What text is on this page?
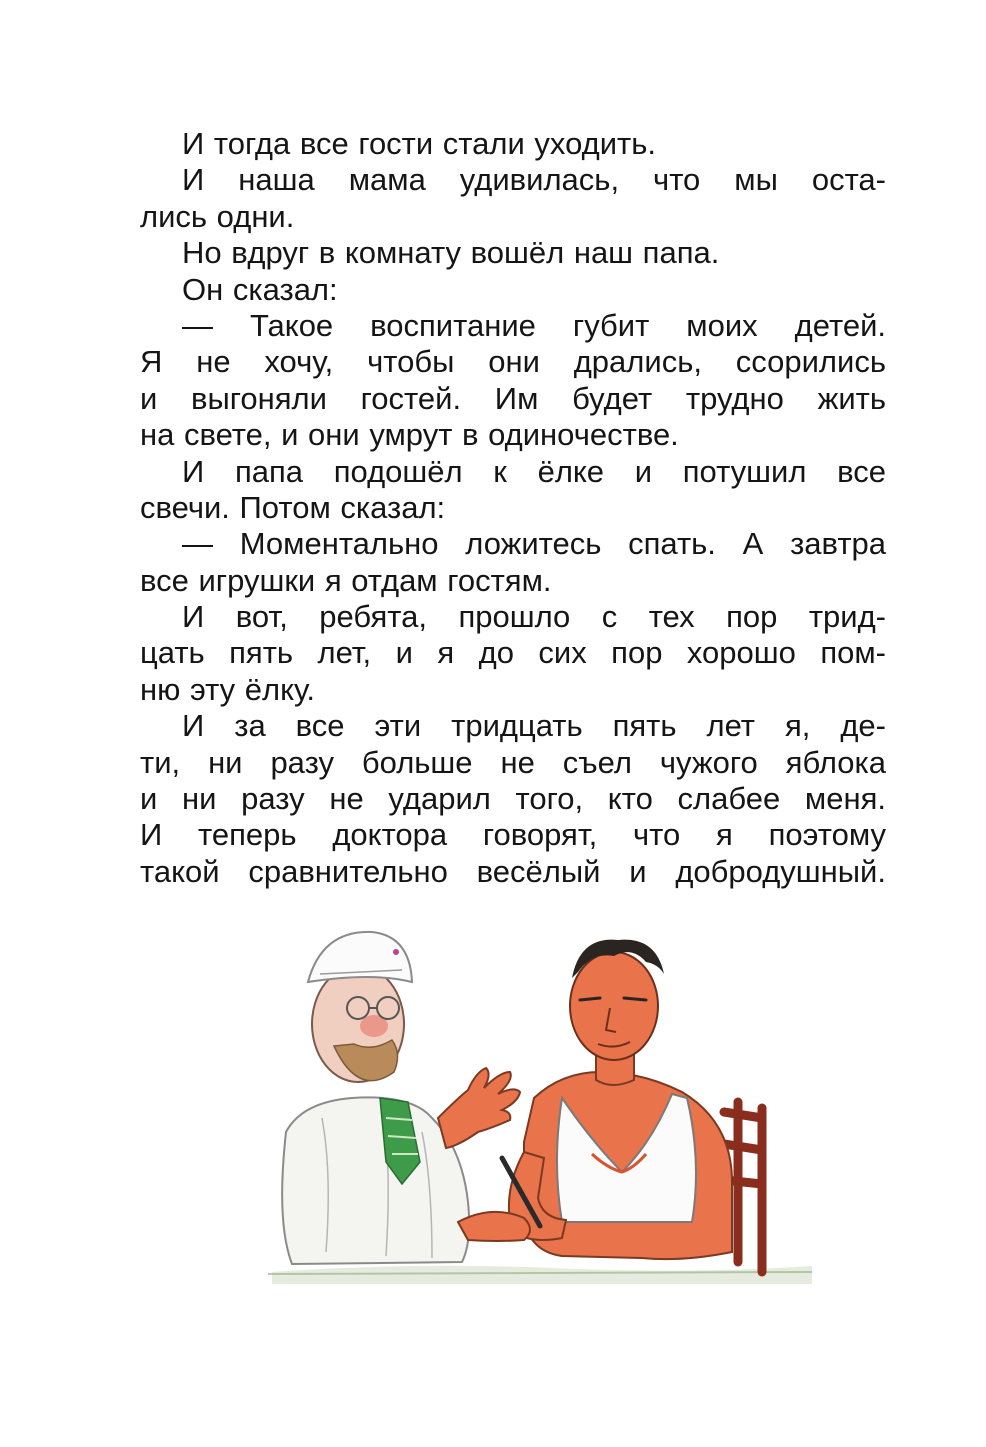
И тогда все гости стали уходить.
И наша мама удивилась, что мы оста-
лись одни.
Но вдруг в комнату вошёл наш папа.
Он сказал:
— Такое воспитание губит моих детей.
Я не хочу, чтобы они дрались, ссорились
и выгоняли гостей. Им будет трудно жить
на свете, и они умрут в одиночестве.
И папа подошёл к ёлке и потушил все
свечи. Потом сказал:
— Моментально ложитесь спать. А завтра
все игрушки я отдам гостям.
И вот, ребята, прошло с тех пор трид-
цать пять лет, и я до сих пор хорошо пом-
ню эту ёлку.
И за все эти тридцать пять лет я, де-
ти, ни разу больше не съел чужого яблока
и ни разу не ударил того, кто слабее меня.
И теперь доктора говорят, что я поэтому
такой сравнительно весёлый и добродушный.
